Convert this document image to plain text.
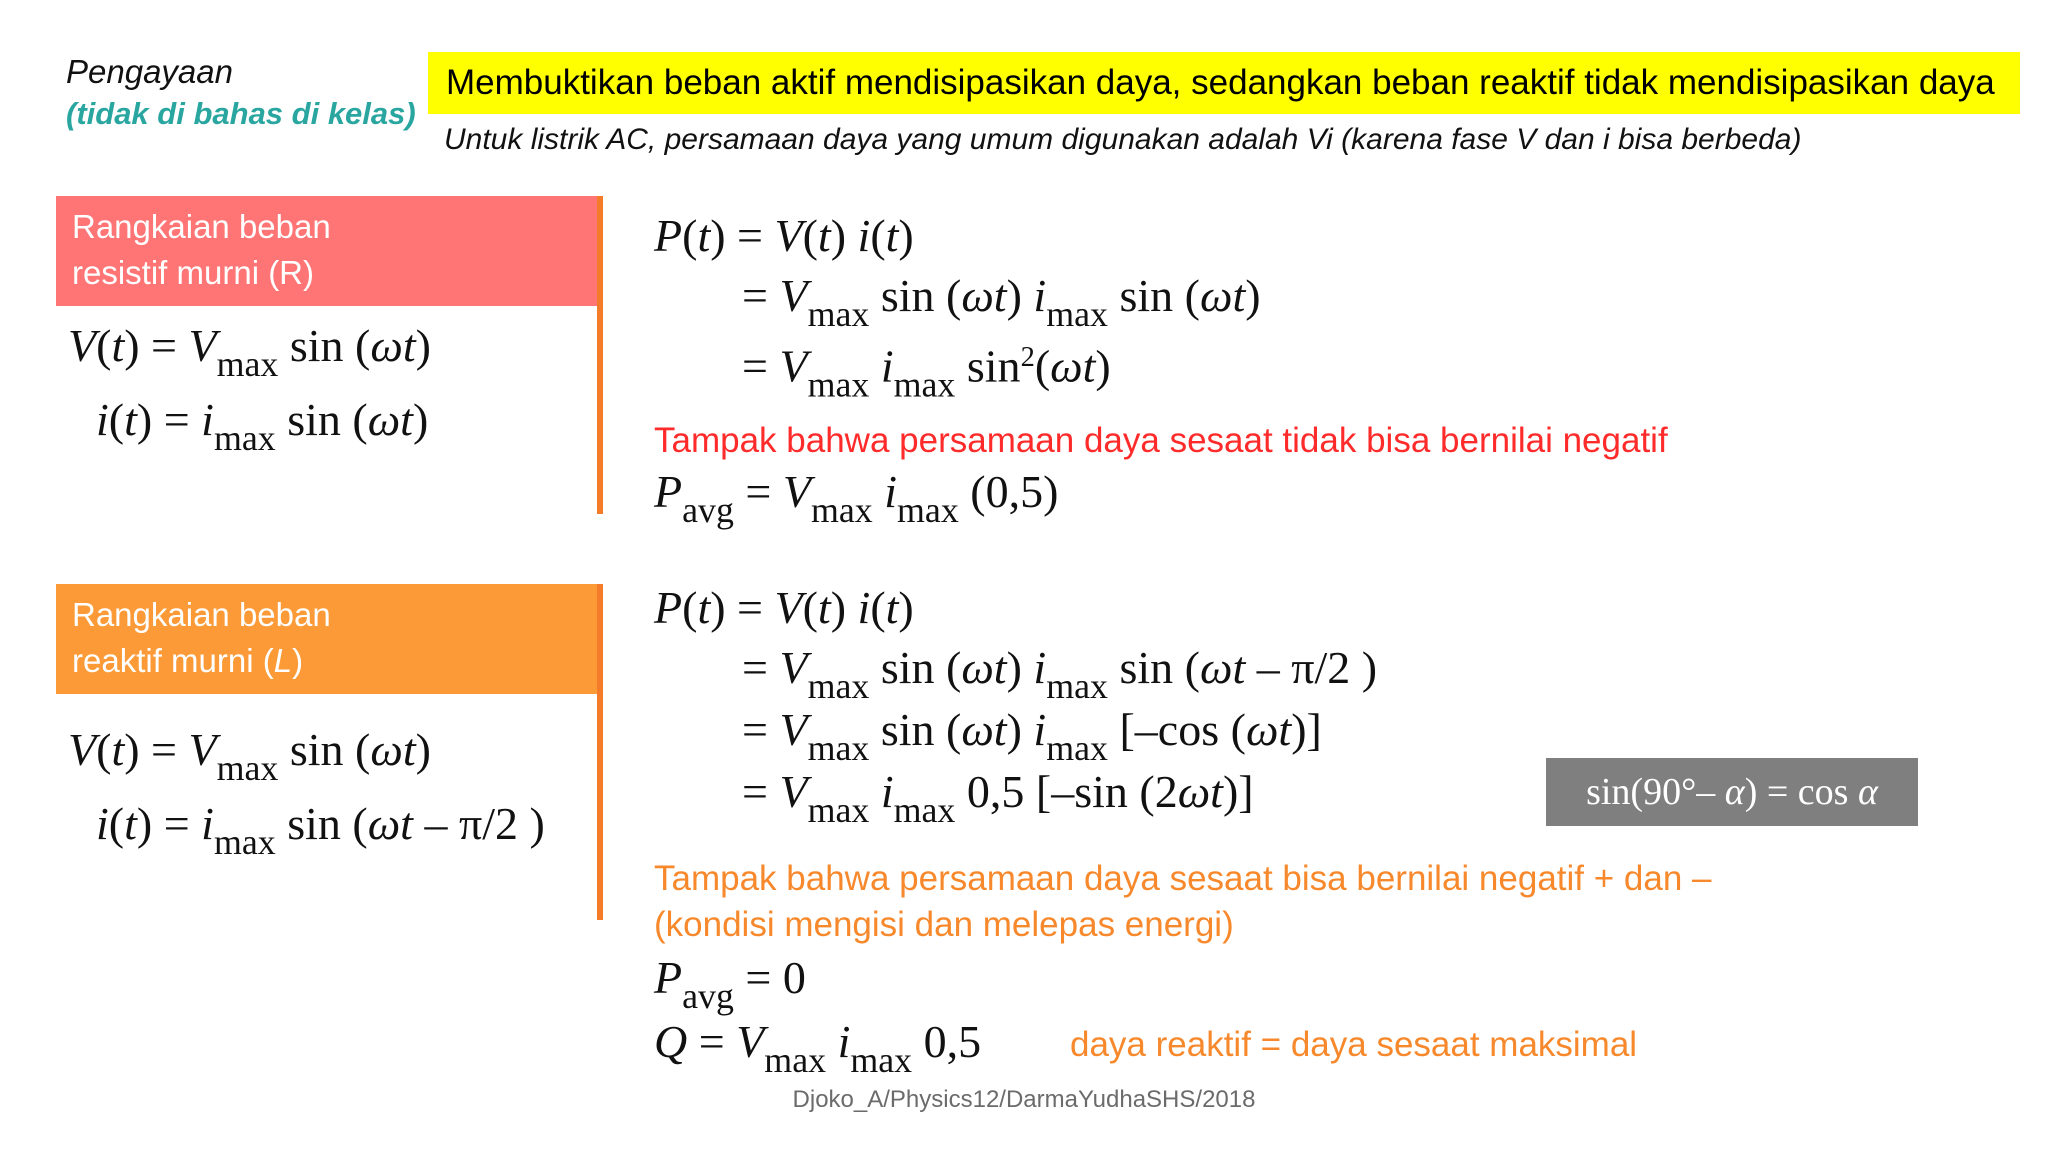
Pengayaan
(tidak di bahas di kelas)
Membuktikan beban aktif mendisipasikan daya, sedangkan beban reaktif tidak mendisipasikan daya
Untuk listrik AC, persamaan daya yang umum digunakan adalah Vi (karena fase V dan i bisa berbeda)
Rangkaian beban
resistif murni (R)
$V(t) = V_{max}$ sin (ωt)
$i(t) = i_{max}$ sin (ωt)
P(t) = V(t) i(t)
= $V_{max}$ sin (ωt) $i_{max}$ sin (ωt)
= $V_{max}$ $i_{max}$ $\sin^2(\omega t)$
Tampak bahwa persamaan daya sesaat tidak bisa bernilai negatif
$P_{avg} = V_{max}$ $i_{max}$ (0,5)
Rangkaian beban
reaktif murni (L)
$V(t) = V_{max}$ sin (ωt)
$i(t) = i_{max}$ sin (ωt – π/2 )
P(t) = V(t) i(t)
= $V_{max}$ sin (ωt) $i_{max}$ sin (ωt – π/2 )
= $V_{max}$ sin (ωt) $i_{max}$ [–cos (ωt)]
= $V_{max}$ $i_{max}$ 0,5 [–sin (2ωt)]	sin(90°– α) = cos α
Tampak bahwa persamaan daya sesaat bisa bernilai negatif + dan –
(kondisi mengisi dan melepas energi)
$P_{avg} = 0$
$Q = V_{max}$ $i_{max}$ 0,5	daya reaktif = daya sesaat maksimal
Djoko_A/Physics12/DarmaYudhaSHS/2018
